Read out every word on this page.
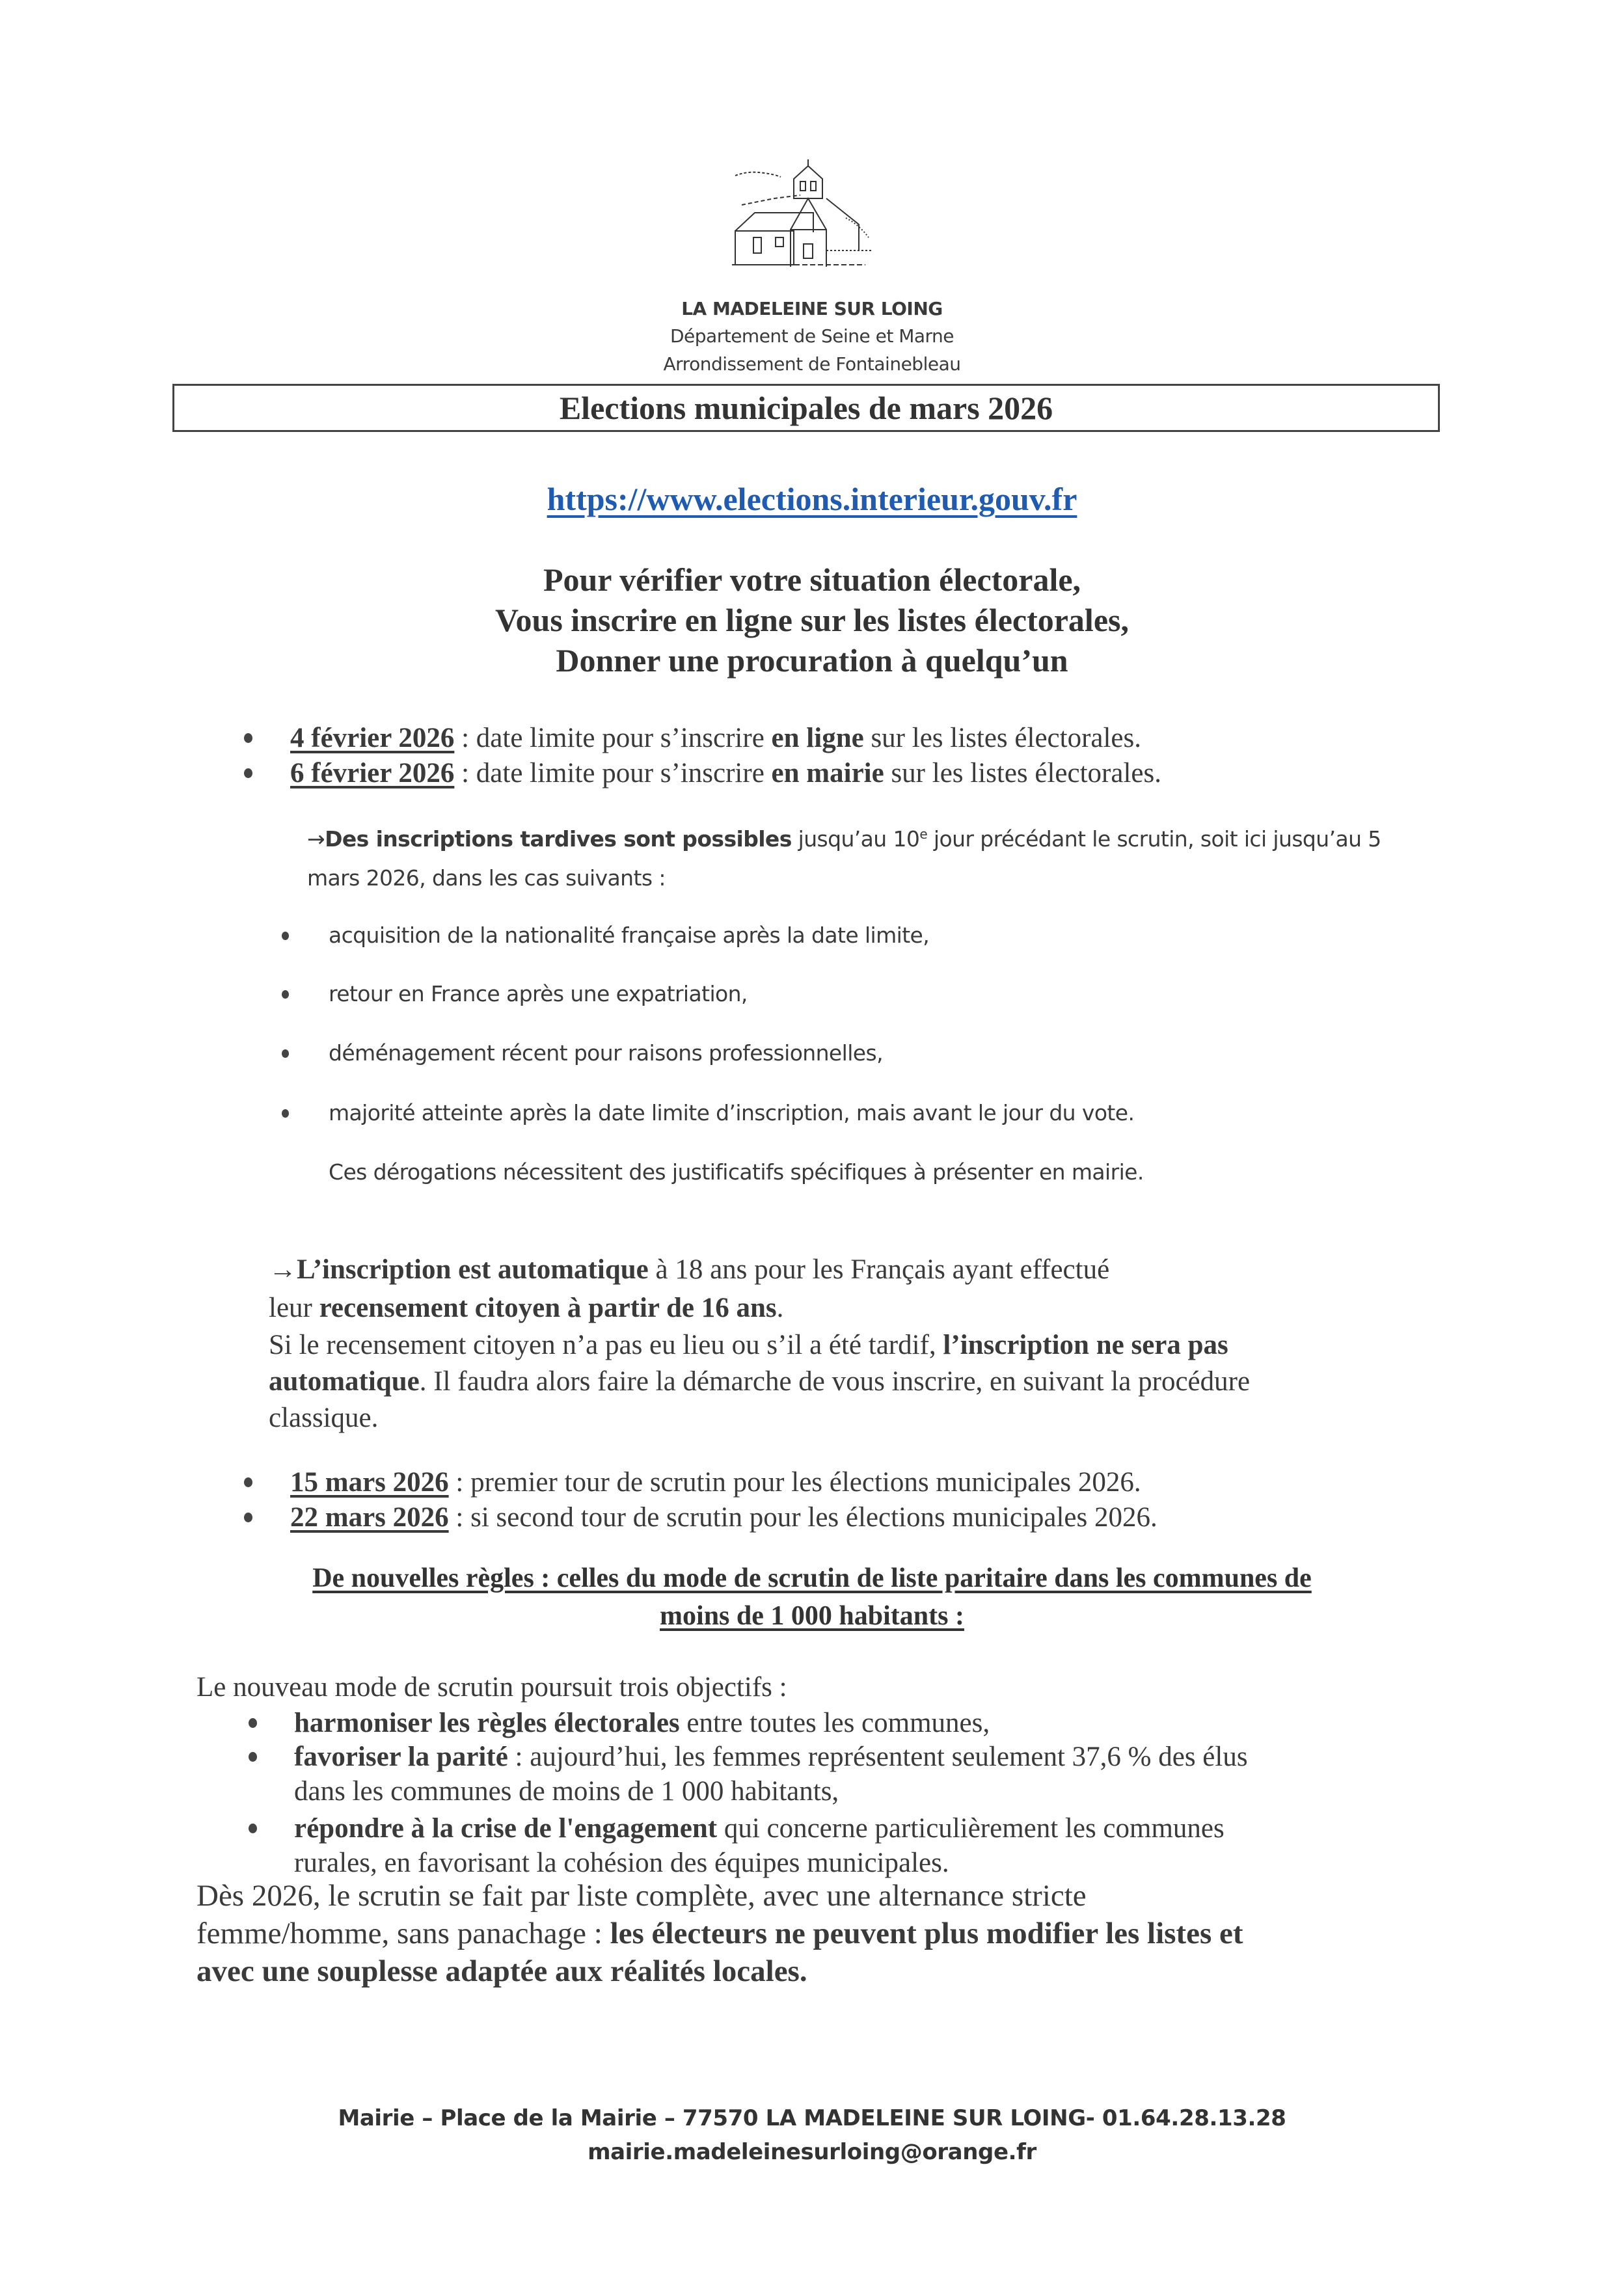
LA MADELEINE SUR LOING
Département de Seine et Marne
Arrondissement de Fontainebleau
Elections municipales de mars 2026
https://www.elections.interieur.gouv.fr
Pour vérifier votre situation électorale,
Vous inscrire en ligne sur les listes électorales,
Donner une procuration à quelqu’un
4 février 2026 : date limite pour s’inscrire en ligne sur les listes électorales.
6 février 2026 : date limite pour s’inscrire en mairie sur les listes électorales.
→Des inscriptions tardives sont possibles jusqu’au 10e jour précédant le scrutin, soit ici jusqu’au 5
mars 2026, dans les cas suivants :
acquisition de la nationalité française après la date limite,
retour en France après une expatriation,
déménagement récent pour raisons professionnelles,
majorité atteinte après la date limite d’inscription, mais avant le jour du vote.
Ces dérogations nécessitent des justificatifs spécifiques à présenter en mairie.
→L’inscription est automatique à 18 ans pour les Français ayant effectué
leur recensement citoyen à partir de 16 ans.
Si le recensement citoyen n’a pas eu lieu ou s’il a été tardif, l’inscription ne sera pas
automatique. Il faudra alors faire la démarche de vous inscrire, en suivant la procédure
classique.
15 mars 2026 : premier tour de scrutin pour les élections municipales 2026.
22 mars 2026 : si second tour de scrutin pour les élections municipales 2026.
De nouvelles règles : celles du mode de scrutin de liste paritaire dans les communes de
moins de 1 000 habitants :
Le nouveau mode de scrutin poursuit trois objectifs :
harmoniser les règles électorales entre toutes les communes,
favoriser la parité : aujourd’hui, les femmes représentent seulement 37,6 % des élus
dans les communes de moins de 1 000 habitants,
répondre à la crise de l'engagement qui concerne particulièrement les communes
rurales, en favorisant la cohésion des équipes municipales.
Dès 2026, le scrutin se fait par liste complète, avec une alternance stricte
femme/homme, sans panachage : les électeurs ne peuvent plus modifier les listes et
avec une souplesse adaptée aux réalités locales.
Mairie – Place de la Mairie – 77570 LA MADELEINE SUR LOING- 01.64.28.13.28
mairie.madeleinesurloing@orange.fr
